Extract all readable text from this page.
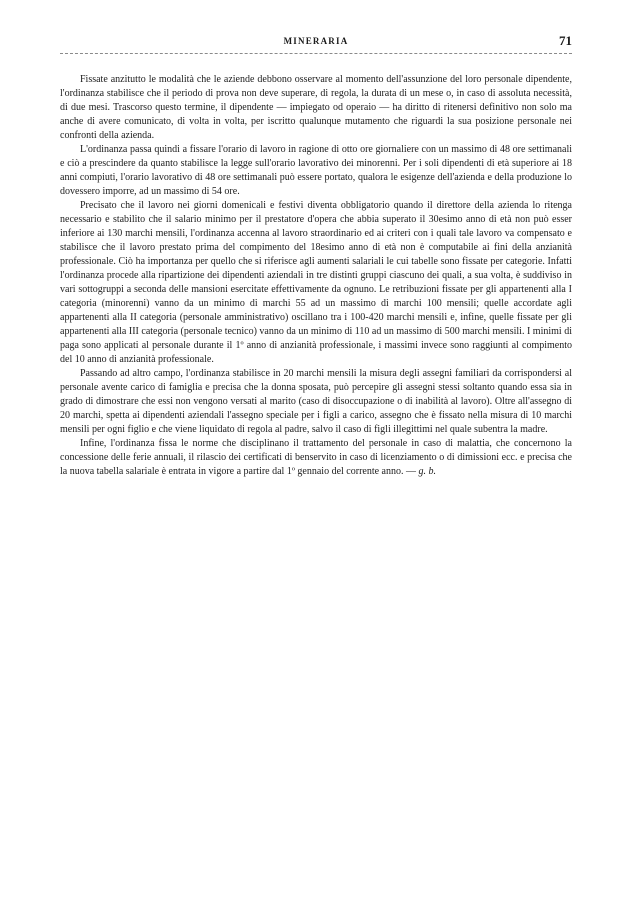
MINERARIA	71

Fissate anzitutto le modalità che le aziende debbono osservare al momento dell'assunzione del loro personale dipendente, l'ordinanza stabilisce che il periodo di prova non deve superare, di regola, la durata di un mese o, in caso di assoluta necessità, di due mesi. Trascorso questo termine, il dipendente — impiegato od operaio — ha diritto di ritenersi definitivo non solo ma anche di avere comunicato, di volta in volta, per iscritto qualunque mutamento che riguardi la sua posizione personale nei confronti della azienda.

L'ordinanza passa quindi a fissare l'orario di lavoro in ragione di otto ore giornaliere con un massimo di 48 ore settimanali e ciò a prescindere da quanto stabilisce la legge sull'orario lavorativo dei minorenni. Per i soli dipendenti di età superiore ai 18 anni compiuti, l'orario lavorativo di 48 ore settimanali può essere portato, qualora le esigenze dell'azienda e della produzione lo dovessero imporre, ad un massimo di 54 ore.

Precisato che il lavoro nei giorni domenicali e festivi diventa obbligatorio quando il direttore della azienda lo ritenga necessario e stabilito che il salario minimo per il prestatore d'opera che abbia superato il 30esimo anno di età non può esser inferiore ai 130 marchi mensili, l'ordinanza accenna al lavoro straordinario ed ai criteri con i quali tale lavoro va compensato e stabilisce che il lavoro prestato prima del compimento del 18esimo anno di età non è computabile ai fini della anzianità professionale. Ciò ha importanza per quello che si riferisce agli aumenti salariali le cui tabelle sono fissate per categorie. Infatti l'ordinanza procede alla ripartizione dei dipendenti aziendali in tre distinti gruppi ciascuno dei quali, a sua volta, è suddiviso in vari sottogruppi a seconda delle mansioni esercitate effettivamente da ognuno. Le retribuzioni fissate per gli appartenenti alla I categoria (minorenni) vanno da un minimo di marchi 55 ad un massimo di marchi 100 mensili; quelle accordate agli appartenenti alla II categoria (personale amministrativo) oscillano tra i 100-420 marchi mensili e, infine, quelle fissate per gli appartenenti alla III categoria (personale tecnico) vanno da un minimo di 110 ad un massimo di 500 marchi mensili. I minimi di paga sono applicati al personale durante il 1º anno di anzianità professionale, i massimi invece sono raggiunti al compimento del 10 anno di anzianità professionale.

Passando ad altro campo, l'ordinanza stabilisce in 20 marchi mensili la misura degli assegni familiari da corrispondersi al personale avente carico di famiglia e precisa che la donna sposata, può percepire gli assegni stessi soltanto quando essa sia in grado di dimostrare che essi non vengono versati al marito (caso di disoccupazione o di inabilità al lavoro). Oltre all'assegno di 20 marchi, spetta ai dipendenti aziendali l'assegno speciale per i figli a carico, assegno che è fissato nella misura di 10 marchi mensili per ogni figlio e che viene liquidato di regola al padre, salvo il caso di figli illegittimi nel quale subentra la madre.

Infine, l'ordinanza fissa le norme che disciplinano il trattamento del personale in caso di malattia, che concernono la concessione delle ferie annuali, il rilascio dei certificati di benservito in caso di licenziamento o di dimissioni ecc. e precisa che la nuova tabella salariale è entrata in vigore a partire dal 1º gennaio del corrente anno. — g. b.
